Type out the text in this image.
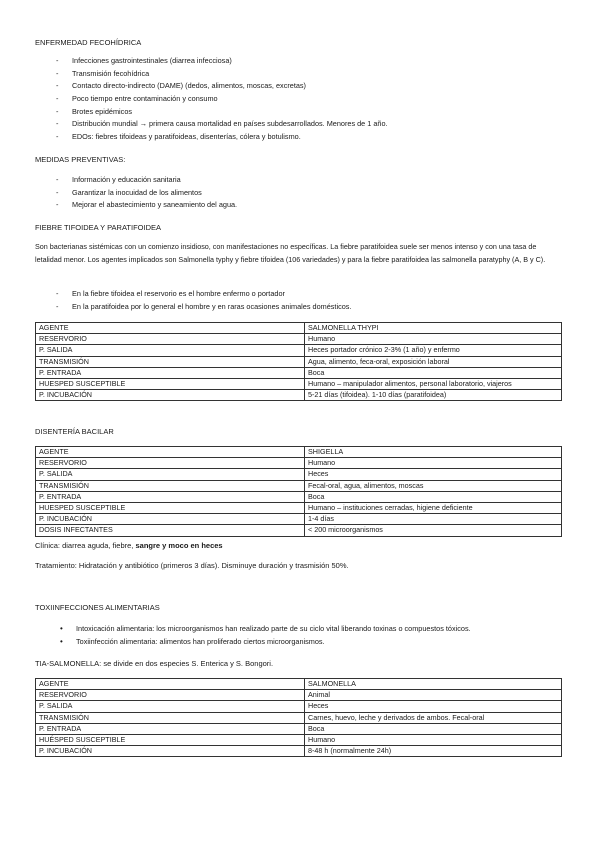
ENFERMEDAD FECOHÍDRICA

- Infecciones gastrointestinales (diarrea infecciosa)
- Transmisión fecohídrica
- Contacto directo-indirecto (DAME) (dedos, alimentos, moscas, excretas)
- Poco tiempo entre contaminación y consumo
- Brotes epidémicos
- Distribución mundial → primera causa mortalidad en países subdesarrollados. Menores de 1 año.
- EDOs: fiebres tifoideas y paratifoideas, disenterías, cólera y botulismo.

MEDIDAS PREVENTIVAS:

- Información y educación sanitaria
- Garantizar la inocuidad de los alimentos
- Mejorar el abastecimiento y saneamiento del agua.

FIEBRE TIFOIDEA Y PARATIFOIDEA

Son bacterianas sistémicas con un comienzo insidioso, con manifestaciones no específicas. La fiebre paratifoidea suele ser menos intenso y con una tasa de letalidad menor. Los agentes implicados son Salmonella typhy y fiebre tifoidea (106 variedades) y para la fiebre paratifoidea las salmonella paratyphy (A, B y C).

- En la fiebre tifoidea el reservorio es el hombre enfermo o portador
- En la paratifoidea por lo general el hombre y en raras ocasiones animales domésticos.
AGENTE	SALMONELLA THYPI
RESERVORIO	Humano
P. SALIDA	Heces portador crónico 2-3% (1 año) y enfermo
TRANSMISIÓN	Agua, alimento, feca-oral, exposición laboral
P. ENTRADA	Boca
HUESPED SUSCEPTIBLE	Humano – manipulador alimentos, personal laboratorio, viajeros
P. INCUBACIÓN	5-21 días (tifoidea). 1-10 días (paratifoidea)

DISENTERÍA BACILAR

AGENTE	SHIGELLA
RESERVORIO	Humano
P. SALIDA	Heces
TRANSMISIÓN	Fecal-oral, agua, alimentos, moscas
P. ENTRADA	Boca
HUESPED SUSCEPTIBLE	Humano – instituciones cerradas, higiene deficiente
P. INCUBACIÓN	1-4 días
DOSIS INFECTANTES	< 200 microorganismos

Clínica: diarrea aguda, fiebre, sangre y moco en heces

Tratamiento: Hidratación y antibiótico (primeros 3 días). Disminuye duración y trasmisión 50%.

TOXIINFECCIONES ALIMENTARIAS

• Intoxicación alimentaria: los microorganismos han realizado parte de su ciclo vital liberando toxinas o compuestos tóxicos.
• Toxiinfección alimentaria: alimentos han proliferado ciertos microorganismos.

TIA-SALMONELLA: se divide en dos especies S. Enterica y S. Bongori.

AGENTE	SALMONELLA
RESERVORIO	Animal
P. SALIDA	Heces
TRANSMISIÓN	Carnes, huevo, leche y derivados de ambos. Fecal-oral
P. ENTRADA	Boca
HUÉSPED SUSCEPTIBLE	Humano
P. INCUBACIÓN	8-48 h (normalmente 24h)
